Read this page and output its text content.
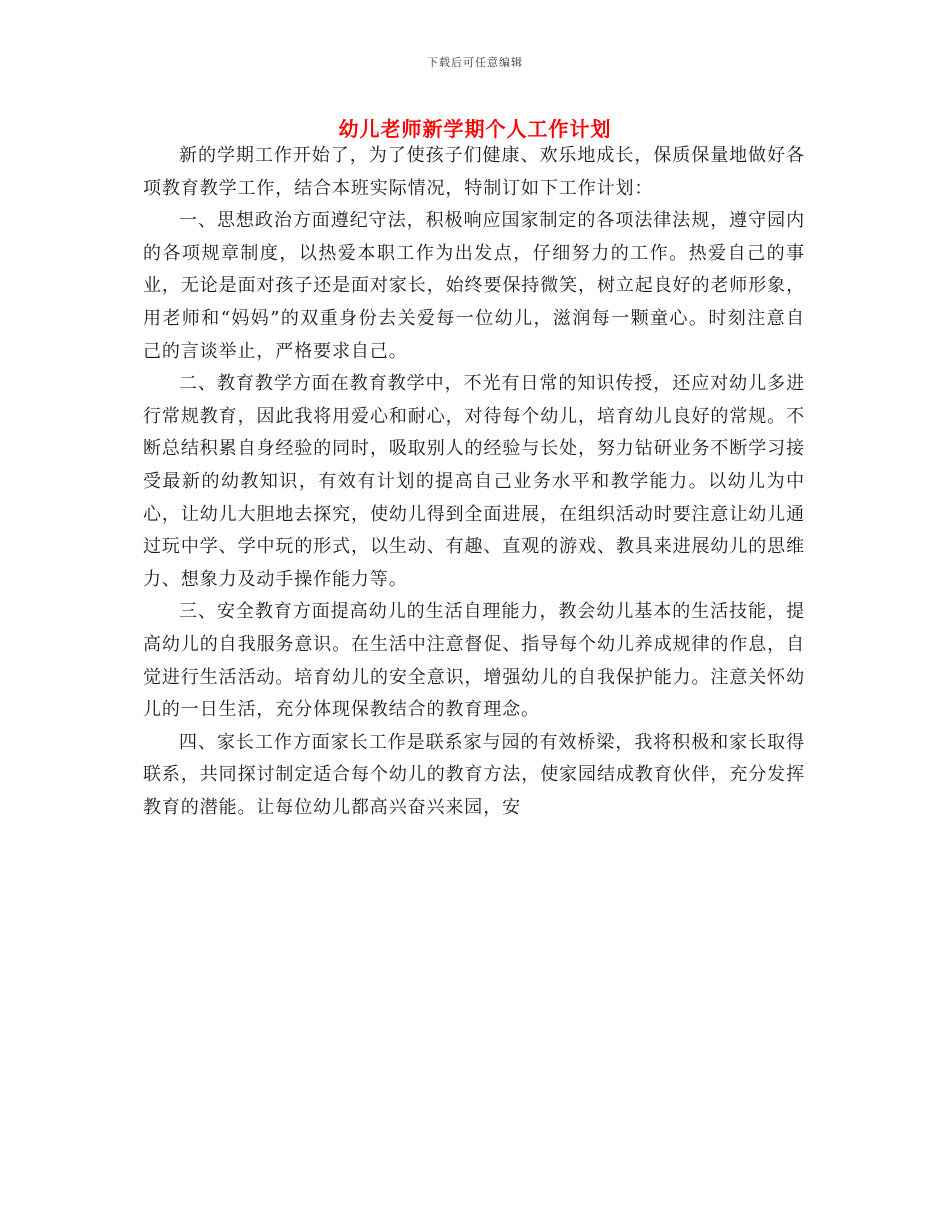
下载后可任意编辑
幼儿老师新学期个人工作计划

新的学期工作开始了，为了使孩子们健康、欢乐地成长，保质保量地做好各项教育教学工作，结合本班实际情况，特制订如下工作计划：

一、思想政治方面遵纪守法，积极响应国家制定的各项法律法规，遵守园内的各项规章制度，以热爱本职工作为出发点，仔细努力的工作。热爱自己的事业，无论是面对孩子还是面对家长，始终要保持微笑，树立起良好的老师形象，用老师和“妈妈”的双重身份去关爱每一位幼儿，滋润每一颗童心。时刻注意自己的言谈举止，严格要求自己。

二、教育教学方面在教育教学中，不光有日常的知识传授，还应对幼儿多进行常规教育，因此我将用爱心和耐心，对待每个幼儿，培育幼儿良好的常规。不断总结积累自身经验的同时，吸取别人的经验与长处，努力钻研业务不断学习接受最新的幼教知识，有效有计划的提高自己业务水平和教学能力。以幼儿为中心，让幼儿大胆地去探究，使幼儿得到全面进展，在组织活动时要注意让幼儿通过玩中学、学中玩的形式，以生动、有趣、直观的游戏、教具来进展幼儿的思维力、想象力及动手操作能力等。

三、安全教育方面提高幼儿的生活自理能力，教会幼儿基本的生活技能，提高幼儿的自我服务意识。在生活中注意督促、指导每个幼儿养成规律的作息，自觉进行生活活动。培育幼儿的安全意识，增强幼儿的自我保护能力。注意关怀幼儿的一日生活，充分体现保教结合的教育理念。

四、家长工作方面家长工作是联系家与园的有效桥梁，我将积极和家长取得联系，共同探讨制定适合每个幼儿的教育方法，使家园结成教育伙伴，充分发挥教育的潜能。让每位幼儿都高兴奋兴来园，安
